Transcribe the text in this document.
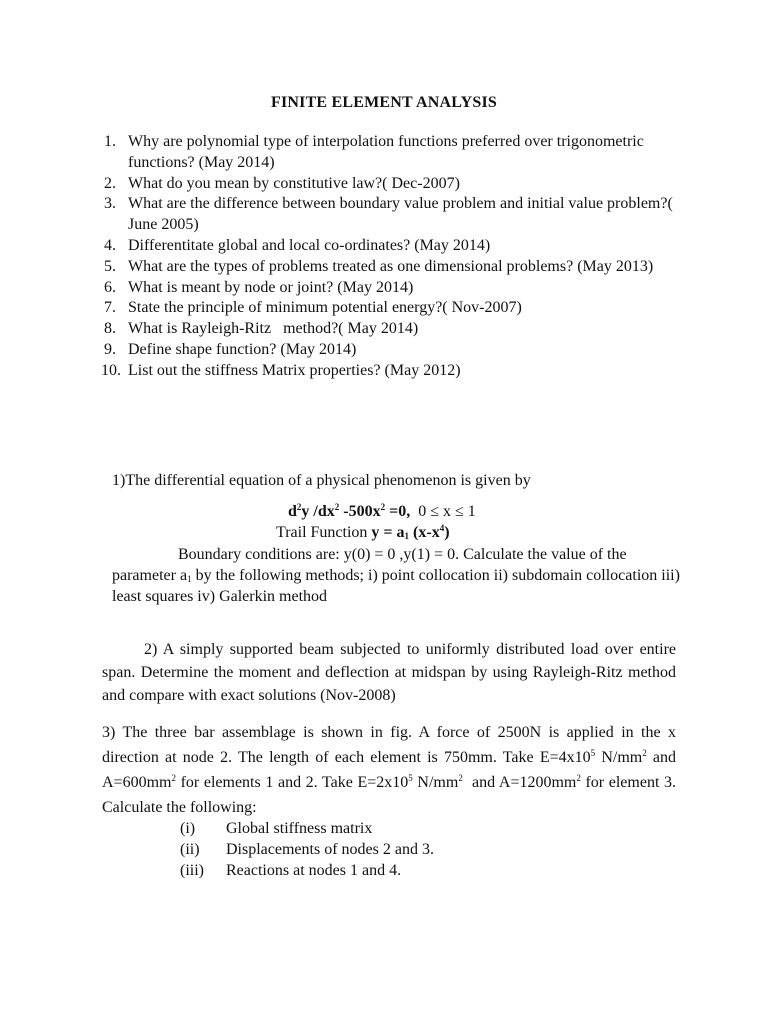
FINITE ELEMENT ANALYSIS
1. Why are polynomial type of interpolation functions preferred over trigonometric functions? (May 2014)
2. What do you mean by constitutive law?( Dec-2007)
3. What are the difference between boundary value problem and initial value problem?( June 2005)
4. Differentitate global and local co-ordinates? (May 2014)
5. What are the types of problems treated as one dimensional problems? (May 2013)
6. What is meant by node or joint? (May 2014)
7. State the principle of minimum potential energy?( Nov-2007)
8. What is Rayleigh-Ritz   method?( May 2014)
9. Define shape function? (May 2014)
10. List out the stiffness Matrix properties? (May 2012)
1)The differential equation of a physical phenomenon is given by
$d^2y$ $/dx^2$ $-500x^2 =0$, 0 ≤ x ≤ 1
Trail Function $y = a_1$ $(x-x^4)$
Boundary conditions are: y(0) = 0 ,y(1) = 0. Calculate the value of the parameter $a_1$ by the following methods; i) point collocation ii) subdomain collocation iii) least squares iv) Galerkin method
2) A simply supported beam subjected to uniformly distributed load over entire span. Determine the moment and deflection at midspan by using Rayleigh-Ritz method and compare with exact solutions (Nov-2008)
3) The three bar assemblage is shown in fig. A force of 2500N is applied in the x direction at node 2. The length of each element is 750mm. Take $E=4x10^5$ $N/mm^2$ and $A=600mm^2$ for elements 1 and 2. Take $E=2x10^5$ $N/mm^2$  and $A=1200mm^2$ for element 3. Calculate the following:
(i)	Global stiffness matrix
(ii)	Displacements of nodes 2 and 3.
(iii)	Reactions at nodes 1 and 4.
